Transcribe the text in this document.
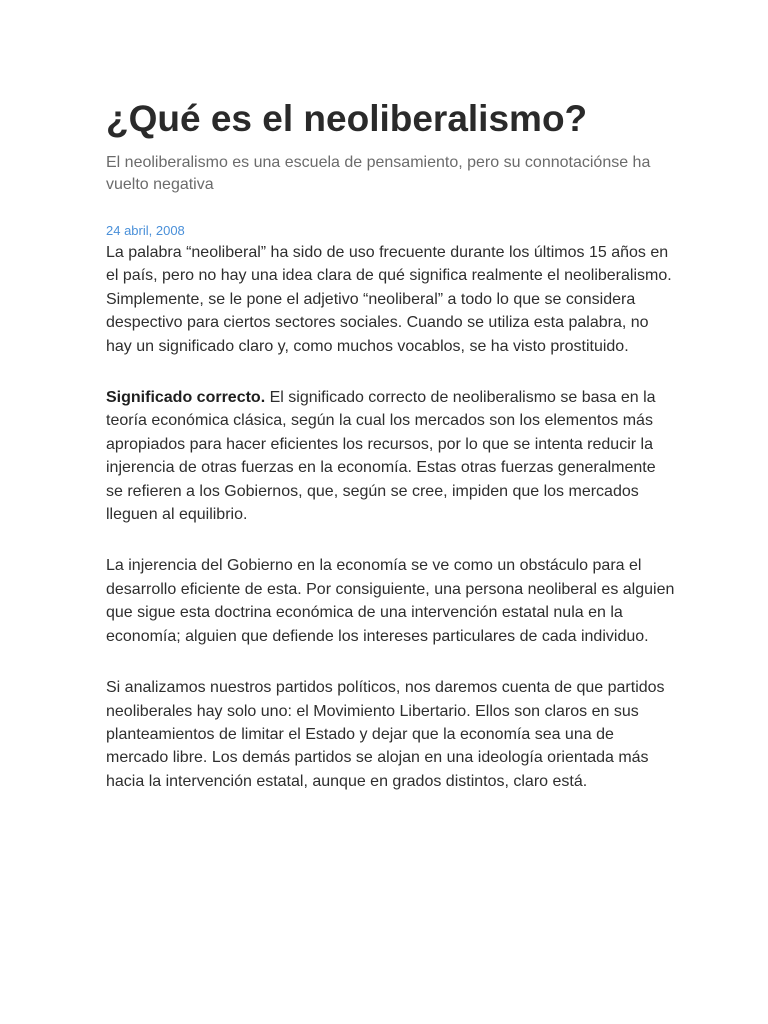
¿Qué es el neoliberalismo?

El neoliberalismo es una escuela de pensamiento, pero su connotaciónse ha vuelto negativa

24 abril, 2008

La palabra “neoliberal” ha sido de uso frecuente durante los últimos 15 años en el país, pero no hay una idea clara de qué significa realmente el neoliberalismo. Simplemente, se le pone el adjetivo “neoliberal” a todo lo que se considera despectivo para ciertos sectores sociales. Cuando se utiliza esta palabra, no hay un significado claro y, como muchos vocablos, se ha visto prostituido.

Significado correcto. El significado correcto de neoliberalismo se basa en la teoría económica clásica, según la cual los mercados son los elementos más apropiados para hacer eficientes los recursos, por lo que se intenta reducir la injerencia de otras fuerzas en la economía. Estas otras fuerzas generalmente se refieren a los Gobiernos, que, según se cree, impiden que los mercados lleguen al equilibrio.

La injerencia del Gobierno en la economía se ve como un obstáculo para el desarrollo eficiente de esta. Por consiguiente, una persona neoliberal es alguien que sigue esta doctrina económica de una intervención estatal nula en la economía; alguien que defiende los intereses particulares de cada individuo.

Si analizamos nuestros partidos políticos, nos daremos cuenta de que partidos neoliberales hay solo uno: el Movimiento Libertario. Ellos son claros en sus planteamientos de limitar el Estado y dejar que la economía sea una de mercado libre. Los demás partidos se alojan en una ideología orientada más hacia la intervención estatal, aunque en grados distintos, claro está.
